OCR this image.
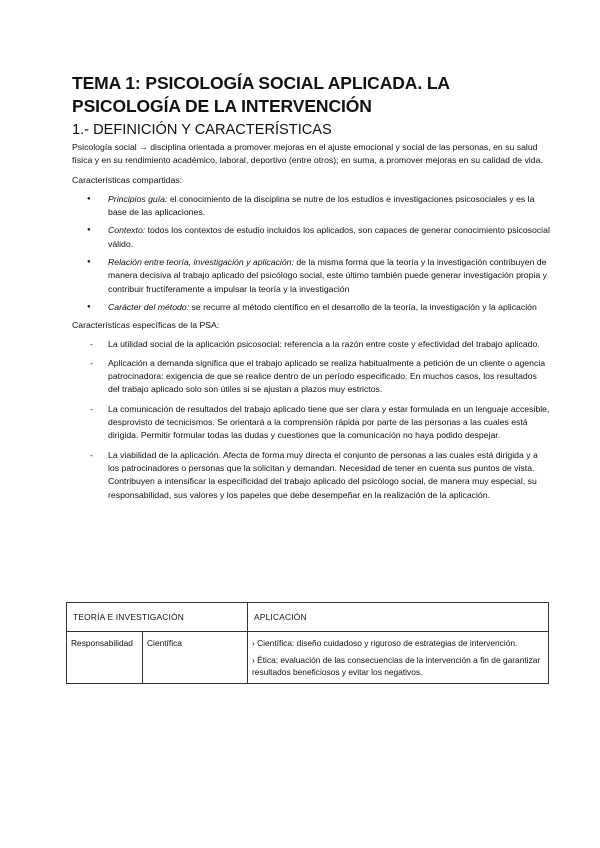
TEMA 1: PSICOLOGÍA SOCIAL APLICADA. LA PSICOLOGÍA DE LA INTERVENCIÓN
1.- DEFINICIÓN Y CARACTERÍSTICAS

Psicología social → disciplina orientada a promover mejoras en el ajuste emocional y social de las personas, en su salud física y en su rendimiento académico, laboral, deportivo (entre otros); en suma, a promover mejoras en su calidad de vida.

Características compartidas:

● Principios guía: el conocimiento de la disciplina se nutre de los estudios e investigaciones psicosociales y es la base de las aplicaciones.
● Contexto: todos los contextos de estudio incluidos los aplicados, son capaces de generar conocimiento psicosocial válido.
● Relación entre teoría, investigación y aplicación: de la misma forma que la teoría y la investigación contribuyen de manera decisiva al trabajo aplicado del psicólogo social, este último también puede generar investigación propia y contribuir fructíferamente a impulsar la teoría y la investigación
● Carácter del método: se recurre al método científico en el desarrollo de la teoría, la investigación y la aplicación

Características específicas de la PSA:

- La utilidad social de la aplicación psicosocial: referencia a la razón entre coste y efectividad del trabajo aplicado.
- Aplicación a demanda significa que el trabajo aplicado se realiza habitualmente a petición de un cliente o agencia patrocinadora: exigencia de que se realice dentro de un período especificado. En muchos casos, los resultados del trabajo aplicado solo son útiles si se ajustan a plazos muy estrictos.
- La comunicación de resultados del trabajo aplicado tiene que ser clara y estar formulada en un lenguaje accesible, desprovisto de tecnicismos. Se orientará a la comprensión rápida por parte de las personas a las cuales está dirigida. Permitir formular todas las dudas y cuestiones que la comunicación no haya podido despejar.
- La viabilidad de la aplicación. Afecta de forma muy directa el conjunto de personas a las cuales está dirigida y a los patrocinadores o personas que la solicitan y demandan. Necesidad de tener en cuenta sus puntos de vista. Contribuyen a intensificar la especificidad del trabajo aplicado del psicólogo social, de manera muy especial, su responsabilidad, sus valores y los papeles que debe desempeñar en la realización de la aplicación.
TEORÍA E INVESTIGACIÓN		APLICACIÓN
Responsabilidad	Científica	› Científica: diseño cuidadoso y riguroso de estrategias de intervención.
› Ética: evaluación de las consecuencias de la intervención a fin de garantizar resultados beneficiosos y evitar los negativos.
